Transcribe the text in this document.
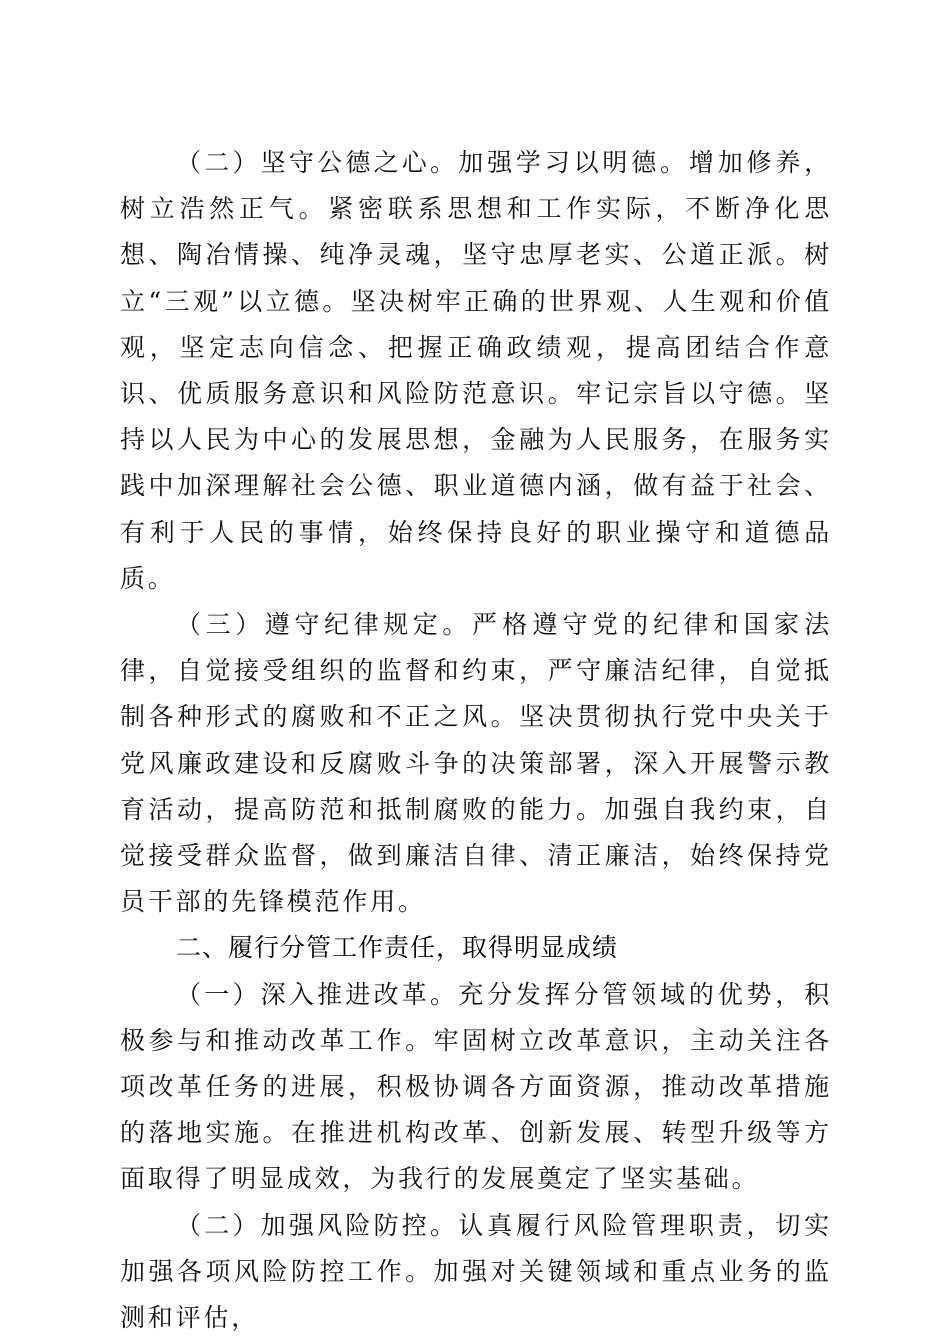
（二）坚守公德之心。加强学习以明德。增加修养，树立浩然正气。紧密联系思想和工作实际，不断净化思想、陶冶情操、纯净灵魂，坚守忠厚老实、公道正派。树立“三观”以立德。坚决树牢正确的世界观、人生观和价值观，坚定志向信念、把握正确政绩观，提高团结合作意识、优质服务意识和风险防范意识。牢记宗旨以守德。坚持以人民为中心的发展思想，金融为人民服务，在服务实践中加深理解社会公德、职业道德内涵，做有益于社会、有利于人民的事情，始终保持良好的职业操守和道德品质。

（三）遵守纪律规定。严格遵守党的纪律和国家法律，自觉接受组织的监督和约束，严守廉洁纪律，自觉抵制各种形式的腐败和不正之风。坚决贯彻执行党中央关于党风廉政建设和反腐败斗争的决策部署，深入开展警示教育活动，提高防范和抵制腐败的能力。加强自我约束，自觉接受群众监督，做到廉洁自律、清正廉洁，始终保持党员干部的先锋模范作用。

二、履行分管工作责任，取得明显成绩

（一）深入推进改革。充分发挥分管领域的优势，积极参与和推动改革工作。牢固树立改革意识，主动关注各项改革任务的进展，积极协调各方面资源，推动改革措施的落地实施。在推进机构改革、创新发展、转型升级等方面取得了明显成效，为我行的发展奠定了坚实基础。

（二）加强风险防控。认真履行风险管理职责，切实加强各项风险防控工作。加强对关键领域和重点业务的监测和评估，
